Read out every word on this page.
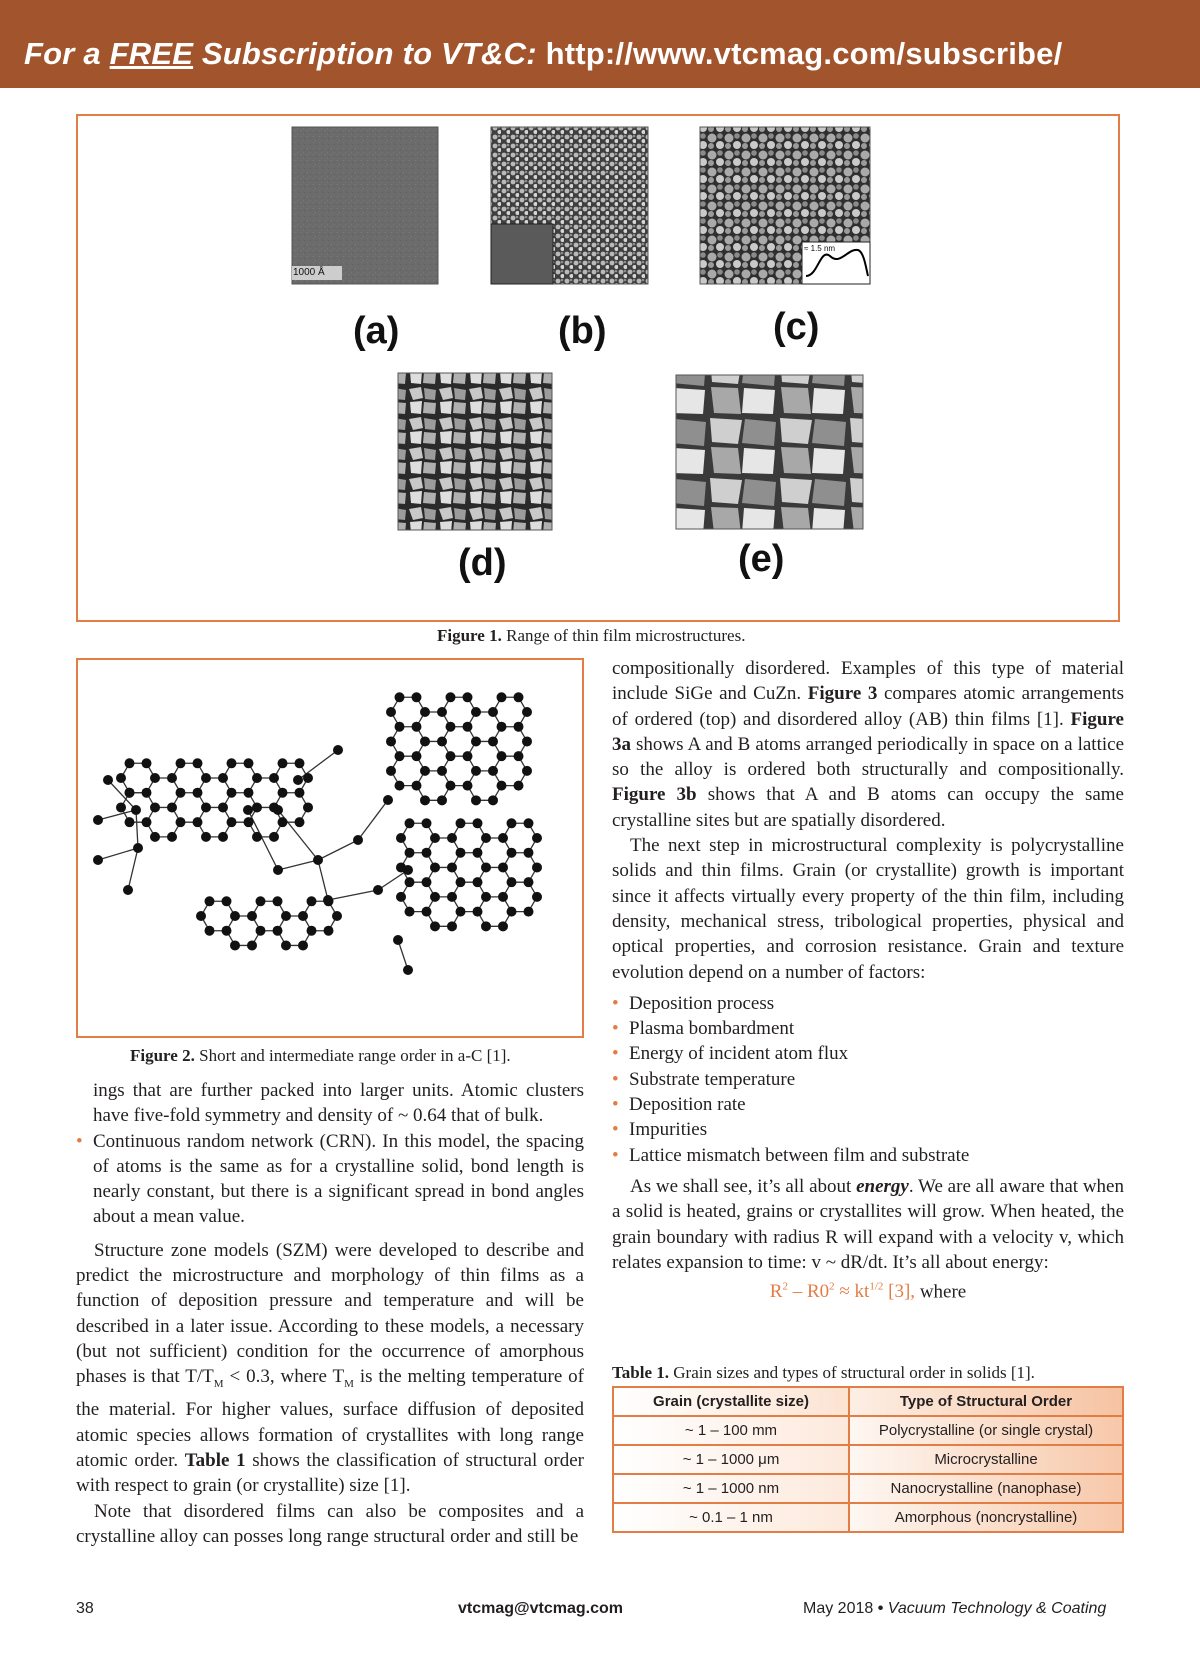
For a FREE Subscription to VT&C: http://www.vtcmag.com/subscribe/
1000 Å
≈ 1.5 nm
(a)	(b)	(c)
(d)	(e)
Figure 1. Range of thin film microstructures.
Figure 2. Short and intermediate range order in a-C [1].

ings that are further packed into larger units. Atomic clusters have five-fold symmetry and density of ~ 0.64 that of bulk.

• Continuous random network (CRN). In this model, the spacing of atoms is the same as for a crystalline solid, bond length is nearly constant, but there is a significant spread in bond angles about a mean value.

Structure zone models (SZM) were developed to describe and predict the microstructure and morphology of thin films as a function of deposition pressure and temperature and will be described in a later issue. According to these models, a necessary (but not sufficient) condition for the occurrence of amorphous phases is that $T/T_M < 0.3$, where $T_M$ is the melting temperature of the material. For higher values, surface diffusion of deposited atomic species allows formation of crystallites with long range atomic order. Table 1 shows the classification of structural order with respect to grain (or crystallite) size [1].

Note that disordered films can also be composites and a crystalline alloy can posses long range structural order and still be

compositionally disordered. Examples of this type of material include SiGe and CuZn. Figure 3 compares atomic arrangements of ordered (top) and disordered alloy (AB) thin films [1]. Figure 3a shows A and B atoms arranged periodically in space on a lattice so the alloy is ordered both structurally and compositionally. Figure 3b shows that A and B atoms can occupy the same crystalline sites but are spatially disordered.

The next step in microstructural complexity is polycrystalline solids and thin films. Grain (or crystallite) growth is important since it affects virtually every property of the thin film, including density, mechanical stress, tribological properties, physical and optical properties, and corrosion resistance. Grain and texture evolution depend on a number of factors:

• Deposition process
• Plasma bombardment
• Energy of incident atom flux
• Substrate temperature
• Deposition rate
• Impurities
• Lattice mismatch between film and substrate

As we shall see, it’s all about energy. We are all aware that when a solid is heated, grains or crystallites will grow. When heated, the grain boundary with radius R will expand with a velocity v, which relates expansion to time: v ~ dR/dt. It’s all about energy:

$R^2 - R0^2 \approx kt^{1/2}$ [3], where

Table 1. Grain sizes and types of structural order in solids [1].
Grain (crystallite size)	Type of Structural Order
~ 1 – 100 mm	Polycrystalline (or single crystal)
~ 1 – 1000 μm	Microcrystalline
~ 1 – 1000 nm	Nanocrystalline (nanophase)
~ 0.1 – 1 nm	Amorphous (noncrystalline)
38	vtcmag@vtcmag.com	May 2018 • Vacuum Technology & Coating
